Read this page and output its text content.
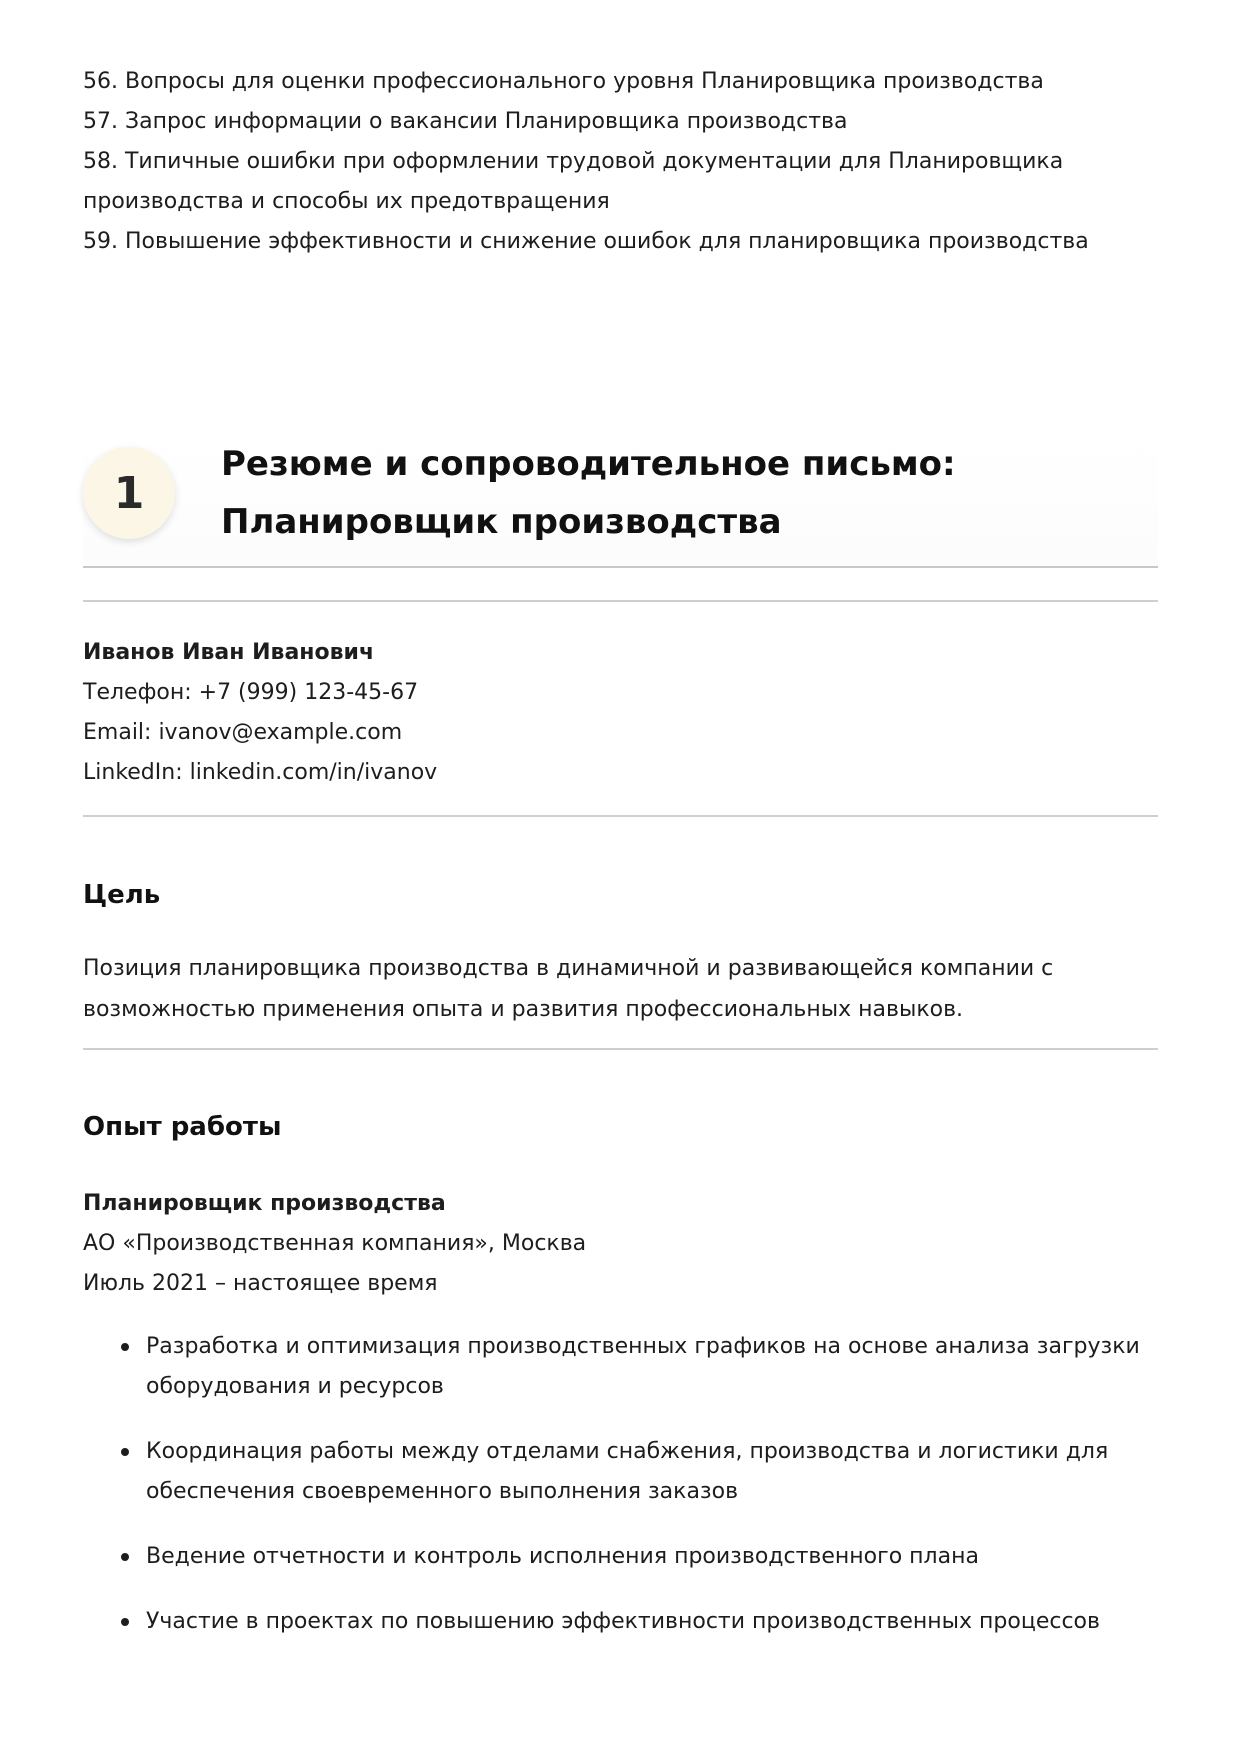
56. Вопросы для оценки профессионального уровня Планировщика производства

57. Запрос информации о вакансии Планировщика производства

58. Типичные ошибки при оформлении трудовой документации для Планировщика производства и способы их предотвращения

59. Повышение эффективности и снижение ошибок для планировщика производства

1
Резюме и сопроводительное письмо:
Планировщик производства
Иванов Иван Иванович
Телефон: +7 (999) 123-45-67
Email: ivanov@example.com
LinkedIn: linkedin.com/in/ivanov
Цель
Позиция планировщика производства в динамичной и развивающейся компании с возможностью применения опыта и развития профессиональных навыков.
Опыт работы
Планировщик производства
АО «Производственная компания», Москва
Июль 2021 – настоящее время
Разработка и оптимизация производственных графиков на основе анализа загрузки оборудования и ресурсов
Координация работы между отделами снабжения, производства и логистики для обеспечения своевременного выполнения заказов
Ведение отчетности и контроль исполнения производственного плана
Участие в проектах по повышению эффективности производственных процессов
